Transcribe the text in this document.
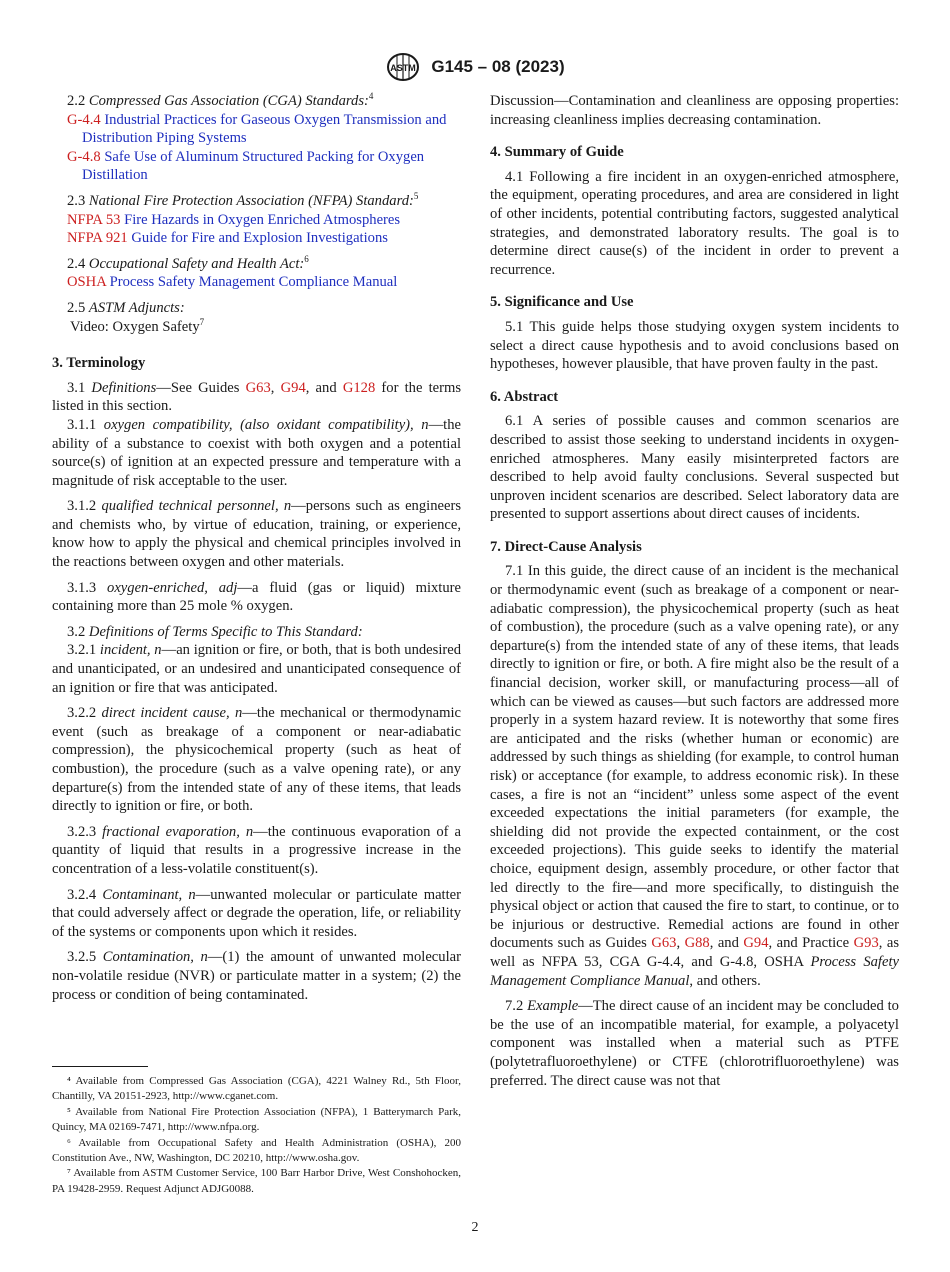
ASTM G145 – 08 (2023)

2.2 Compressed Gas Association (CGA) Standards:$^4$

G-4.4 Industrial Practices for Gaseous Oxygen Transmission and Distribution Piping Systems

G-4.8 Safe Use of Aluminum Structured Packing for Oxygen Distillation

2.3 National Fire Protection Association (NFPA) Standard:$^5$

NFPA 53 Fire Hazards in Oxygen Enriched Atmospheres

NFPA 921 Guide for Fire and Explosion Investigations

2.4 Occupational Safety and Health Act:$^6$

OSHA Process Safety Management Compliance Manual

2.5 ASTM Adjuncts:

Video: Oxygen Safety$^7$

3. Terminology

3.1 Definitions—See Guides G63, G94, and G128 for the terms listed in this section.

3.1.1 oxygen compatibility, (also oxidant compatibility), n—the ability of a substance to coexist with both oxygen and a potential source(s) of ignition at an expected pressure and temperature with a magnitude of risk acceptable to the user.

3.1.2 qualified technical personnel, n—persons such as engineers and chemists who, by virtue of education, training, or experience, know how to apply the physical and chemical principles involved in the reactions between oxygen and other materials.

3.1.3 oxygen-enriched, adj—a fluid (gas or liquid) mixture containing more than 25 mole % oxygen.

3.2 Definitions of Terms Specific to This Standard:

3.2.1 incident, n—an ignition or fire, or both, that is both undesired and unanticipated, or an undesired and unanticipated consequence of an ignition or fire that was anticipated.

3.2.2 direct incident cause, n—the mechanical or thermodynamic event (such as breakage of a component or near-adiabatic compression), the physicochemical property (such as heat of combustion), the procedure (such as a valve opening rate), or any departure(s) from the intended state of any of these items, that leads directly to ignition or fire, or both.

3.2.3 fractional evaporation, n—the continuous evaporation of a quantity of liquid that results in a progressive increase in the concentration of a less-volatile constituent(s).

3.2.4 Contaminant, n—unwanted molecular or particulate matter that could adversely affect or degrade the operation, life, or reliability of the systems or components upon which it resides.

3.2.5 Contamination, n—(1) the amount of unwanted molecular non-volatile residue (NVR) or particulate matter in a system; (2) the process or condition of being contaminated.

⁴ Available from Compressed Gas Association (CGA), 4221 Walney Rd., 5th Floor, Chantilly, VA 20151-2923, http://www.cganet.com.

⁵ Available from National Fire Protection Association (NFPA), 1 Batterymarch Park, Quincy, MA 02169-7471, http://www.nfpa.org.

⁶ Available from Occupational Safety and Health Administration (OSHA), 200 Constitution Ave., NW, Washington, DC 20210, http://www.osha.gov.

⁷ Available from ASTM Customer Service, 100 Barr Harbor Drive, West Conshohocken, PA 19428-2959. Request Adjunct ADJG0088.

Discussion—Contamination and cleanliness are opposing properties: increasing cleanliness implies decreasing contamination.

4. Summary of Guide

4.1 Following a fire incident in an oxygen-enriched atmosphere, the equipment, operating procedures, and area are considered in light of other incidents, potential contributing factors, suggested analytical strategies, and demonstrated laboratory results. The goal is to determine direct cause(s) of the incident in order to prevent a recurrence.

5. Significance and Use

5.1 This guide helps those studying oxygen system incidents to select a direct cause hypothesis and to avoid conclusions based on hypotheses, however plausible, that have proven faulty in the past.

6. Abstract

6.1 A series of possible causes and common scenarios are described to assist those seeking to understand incidents in oxygen-enriched atmospheres. Many easily misinterpreted factors are described to help avoid faulty conclusions. Several suspected but unproven incident scenarios are described. Select laboratory data are presented to support assertions about direct causes of incidents.

7. Direct-Cause Analysis

7.1 In this guide, the direct cause of an incident is the mechanical or thermodynamic event (such as breakage of a component or near-adiabatic compression), the physicochemical property (such as heat of combustion), the procedure (such as a valve opening rate), or any departure(s) from the intended state of any of these items, that leads directly to ignition or fire, or both. A fire might also be the result of a financial decision, worker skill, or manufacturing process—all of which can be viewed as causes—but such factors are addressed more properly in a system hazard review. It is noteworthy that some fires are anticipated and the risks (whether human or economic) are addressed by such things as shielding (for example, to control human risk) or acceptance (for example, to address economic risk). In these cases, a fire is not an “incident” unless some aspect of the event exceeded expectations the initial parameters (for example, the shielding did not provide the expected containment, or the cost exceeded projections). This guide seeks to identify the material choice, equipment design, assembly procedure, or other factor that led directly to the fire—and more specifically, to distinguish the physical object or action that caused the fire to start, to continue, or to be injurious or destructive. Remedial actions are found in other documents such as Guides G63, G88, and G94, and Practice G93, as well as NFPA 53, CGA G-4.4, and G-4.8, OSHA Process Safety Management Compliance Manual, and others.

7.2 Example—The direct cause of an incident may be concluded to be the use of an incompatible material, for example, a polyacetyl component was installed when a material such as PTFE (polytetrafluoroethylene) or CTFE (chlorotrifluoroethylene) was preferred. The direct cause was not that

2
